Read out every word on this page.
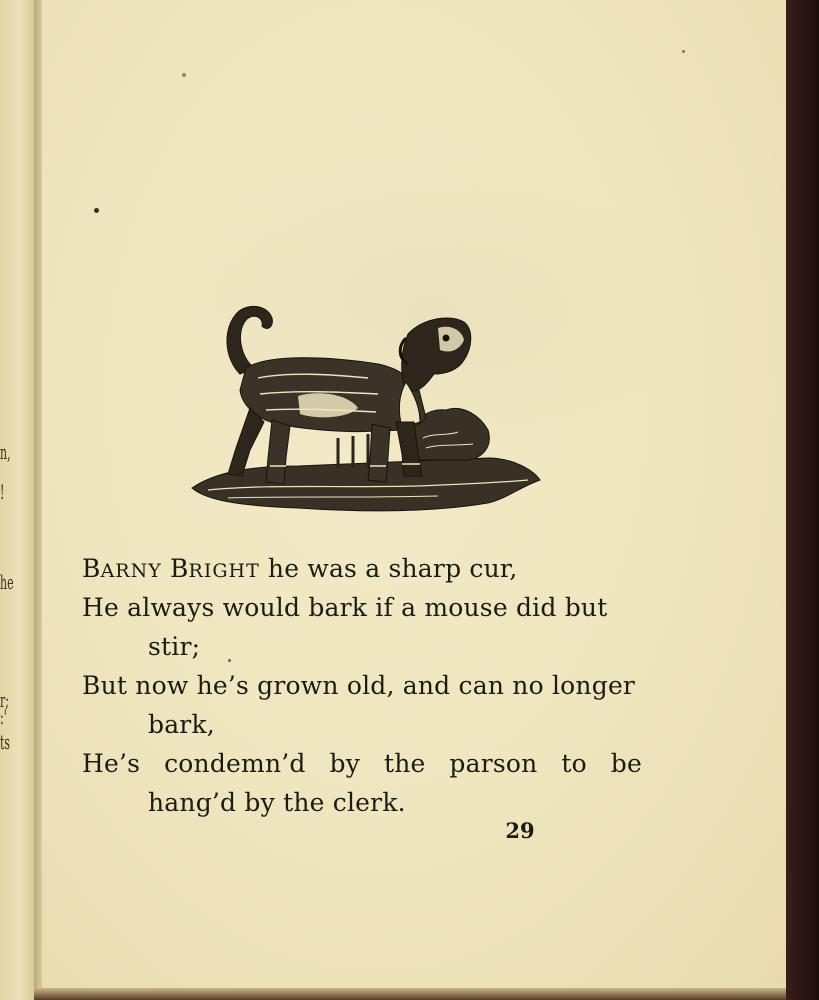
n,
!
he
r;
:'
ts
BARNY BRIGHT he was a sharp cur,
He always would bark if a mouse did but
stir;
But now he’s grown old, and can no longer
bark,
He’s condemn’d by the parson to be
hang’d by the clerk.
29
